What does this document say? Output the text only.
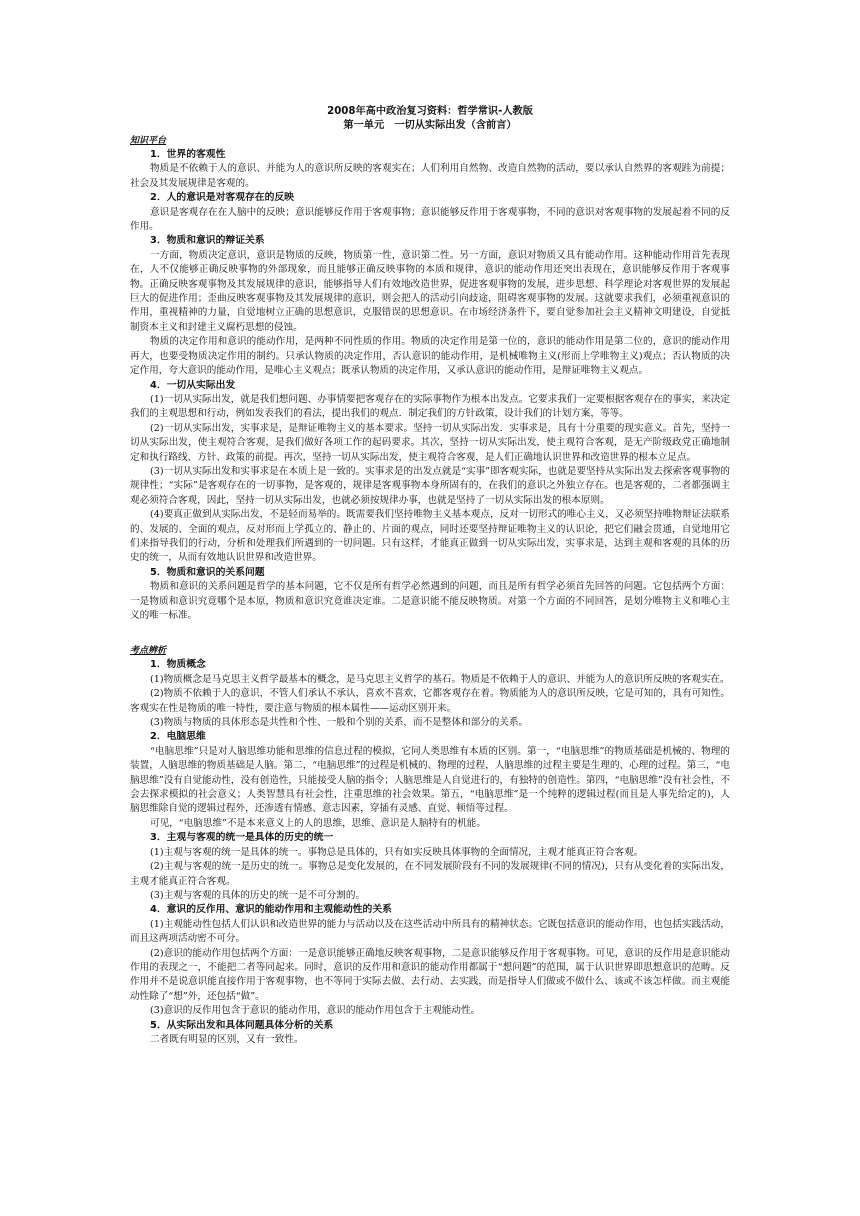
2008年高中政治复习资料：哲学常识-人教版

第一单元　一切从实际出发（含前言）

知识平台

1．世界的客观性

物质是不依赖于人的意识、并能为人的意识所反映的客观实在；人们利用自然物、改造自然物的活动，要以承认自然界的客观跬为前提；社会及其发展规律是客观的。

2．人的意识是对客观存在的反映

意识是客观存在在人脑中的反映；意识能够反作用于客观事物；意识能够反作用于客观事物，不同的意识对客观事物的发展起着不同的反作用。

3．物质和意识的辩证关系

一方面，物质决定意识，意识是物质的反映，物质第一性，意识第二性。另一方面，意识对物质又具有能动作用。这种能动作用首先表现在，人不仅能够正确反映事物的外部现象，而且能够正确反映事物的本质和规律，意识的能动作用还突出表现在，意识能够反作用于客观事物。正确反映客观事物及其发展规律的意识，能够指导人们有效地改造世界，促进客观事物的发展，进步思想、科学理论对客观世界的发展起巨大的促进作用；歪曲反映客观事物及其发展规律的意识，则会把人的活动引向歧途，阻碍客观事物的发展。这就要求我们，必须重视意识的作用，重视精神的力量，自觉地树立正确的思想意识，克服错误的思想意识。在市场经济条件下，要自觉参加社会主义精神文明建设，自觉抵制资本主义和封建主义腐朽思想的侵蚀。

物质的决定作用和意识的能动作用，是两种不同性质的作用。物质的决定作用是第一位的，意识的能动作用是第二位的，意识的能动作用再大，也要受物质决定作用的制约。只承认物质的决定作用，否认意识的能动作用，是机械唯物主义(形而上学唯物主义)观点；否认物质的决定作用，夸大意识的能动作用，是唯心主义观点；既承认物质的决定作用，又承认意识的能动作用，是辩证唯物主义观点。

4．一切从实际出发

(1)一切从实际出发，就是我们想问题、办事情要把客观存在的实际事物作为根本出发点。它要求我们一定要根据客观存在的事实，来决定我们的主观思想和行动，例如发表我们的看法，提出我们的观点．制定我们的方针政策，设计我们的计划方案，等等。

(2)一切从实际出发，实事求是，是辩证唯物主义的基本要求。坚持一切从实际出发．实事求是，具有十分重要的现实意义。首先，坚持一切从实际出发，使主观符合客观，是我们做好各项工作的起码要求。其次，坚持一切从实际出发，使主观符合客观，是无产阶级政党正确地制定和执行路线、方针、政策的前提。再次，坚持一切从实际出发，使主观符合客观，是人们正确地认识世界和改造世界的根本立足点。

(3)一切从实际出发和实事求是在本质上是一致的。实事求是的出发点就是“实事”即客观实际，也就是要坚持从实际出发去探索客观事物的规律性；“实际”是客观存在的一切事物，是客观的，规律是客观事物本身所固有的，在我们的意识之外独立存在。也是客观的，二者都强调主观必须符合客观，因此，坚持一切从实际出发，也就必须按规律办事，也就是坚持了一切从实际出发的根本原则。

(4)要真正做到从实际出发，不是轻而易举的。既需要我们坚持唯物主义基本观点，反对一切形式的唯心主义，又必须坚持唯物辩证法联系的、发展的、全面的观点，反对形而上学孤立的、静止的、片面的观点，同时还要坚持辩证唯物主义的认识论，把它们融会贯通，自觉地用它们来指导我们的行动，分析和处理我们所遇到的一切问题。只有这样，才能真正做到一切从实际出发，实事求是，达到主观和客观的具体的历史的统一，从而有效地认识世界和改造世界。

5．物质和意识的关系问题

物质和意识的关系问题是哲学的基本问题，它不仅是所有哲学必然遇到的问题，而且是所有哲学必须首先回答的问题。它包括两个方面：一是物质和意识究竟哪个是本原，物质和意识究竟谁决定谁。二是意识能不能反映物质。对第一个方面的不同回答，是划分唯物主义和唯心主义的唯一标准。

考点辨析

1．物质概念

(1)物质概念是马克思主义哲学最基本的概念，是马克思主义哲学的基石。物质是不依赖于人的意识、并能为人的意识所反映的客观实在。

(2)物质不依赖于人的意识，不管人们承认不承认，喜欢不喜欢，它都客观存在着。物质能为人的意识所反映，它是可知的，具有可知性。客观实在性是物质的唯一特性，要注意与物质的根本属性——运动区别开来。

(3)物质与物质的具体形态是共性和个性、一般和个别的关系，而不是整体和部分的关系。

2．电脑思维

“电脑思维”只是对人脑思维功能和思维的信息过程的模拟，它同人类思维有本质的区别。第一，“电脑思维”的物质基础是机械的、物理的装置，人脑思维的物质基础是人脑。第二，“电脑思维”的过程是机械的、物理的过程，人脑思维的过程主要是生理的、心理的过程。第三，“电脑思维”没有自觉能动性，没有创造性，只能接受人脑的指令；人脑思维是人自觉进行的，有独特的创造性。第四，“电脑思维”没有社会性，不会去探求模拟的社会意义；人类智慧具有社会性，注重思维的社会效果。第五，“电脑思维”是一个纯粹的逻辑过程(而且是人事先给定的)，人脑思维除自觉的逻辑过程外，还渗透有情感、意志因素，穿插有灵感、直觉、顿悟等过程。

可见，“电脑思维”不是本来意义上的人的思维，思维、意识是人脑特有的机能。

3．主观与客观的统一是具体的历史的统一

(1)主观与客观的统一是具体的统一。事物总是具体的，只有如实反映具体事物的全面情况，主观才能真正符合客观。

(2)主观与客观的统一是历史的统一。事物总是变化发展的，在不同发展阶段有不同的发展规律(不同的情况)，只有从变化着的实际出发，主观才能真正符合客观。

(3)主观与客观的具体的历史的统一是不可分割的。

4．意识的反作用、意识的能动作用和主观能动性的关系

(1)主观能动性包括人们认识和改造世界的能力与活动以及在这些活动中所具有的精神状态。它既包括意识的能动作用，也包括实践活动，而且这两项活动密不可分。

(2)意识的能动作用包括两个方面：一是意识能够正确地反映客观事物，二是意识能够反作用于客观事物。可见，意识的反作用是意识能动作用的表现之一，不能把二者等同起来。同时，意识的反作用和意识的能动作用都属于“想问题”的范围，属于认识世界即思想意识的范畴。反作用并不是说意识能直接作用于客观事物，也不等同于实际去做、去行动、去实践，而是指导人们做或不做什么、该或不该怎样做。而主观能动性除了“想”外，还包括“做”。

(3)意识的反作用包含于意识的能动作用，意识的能动作用包含于主观能动性。

5．从实际出发和具体问题具体分析的关系

二者既有明显的区别，又有一致性。
